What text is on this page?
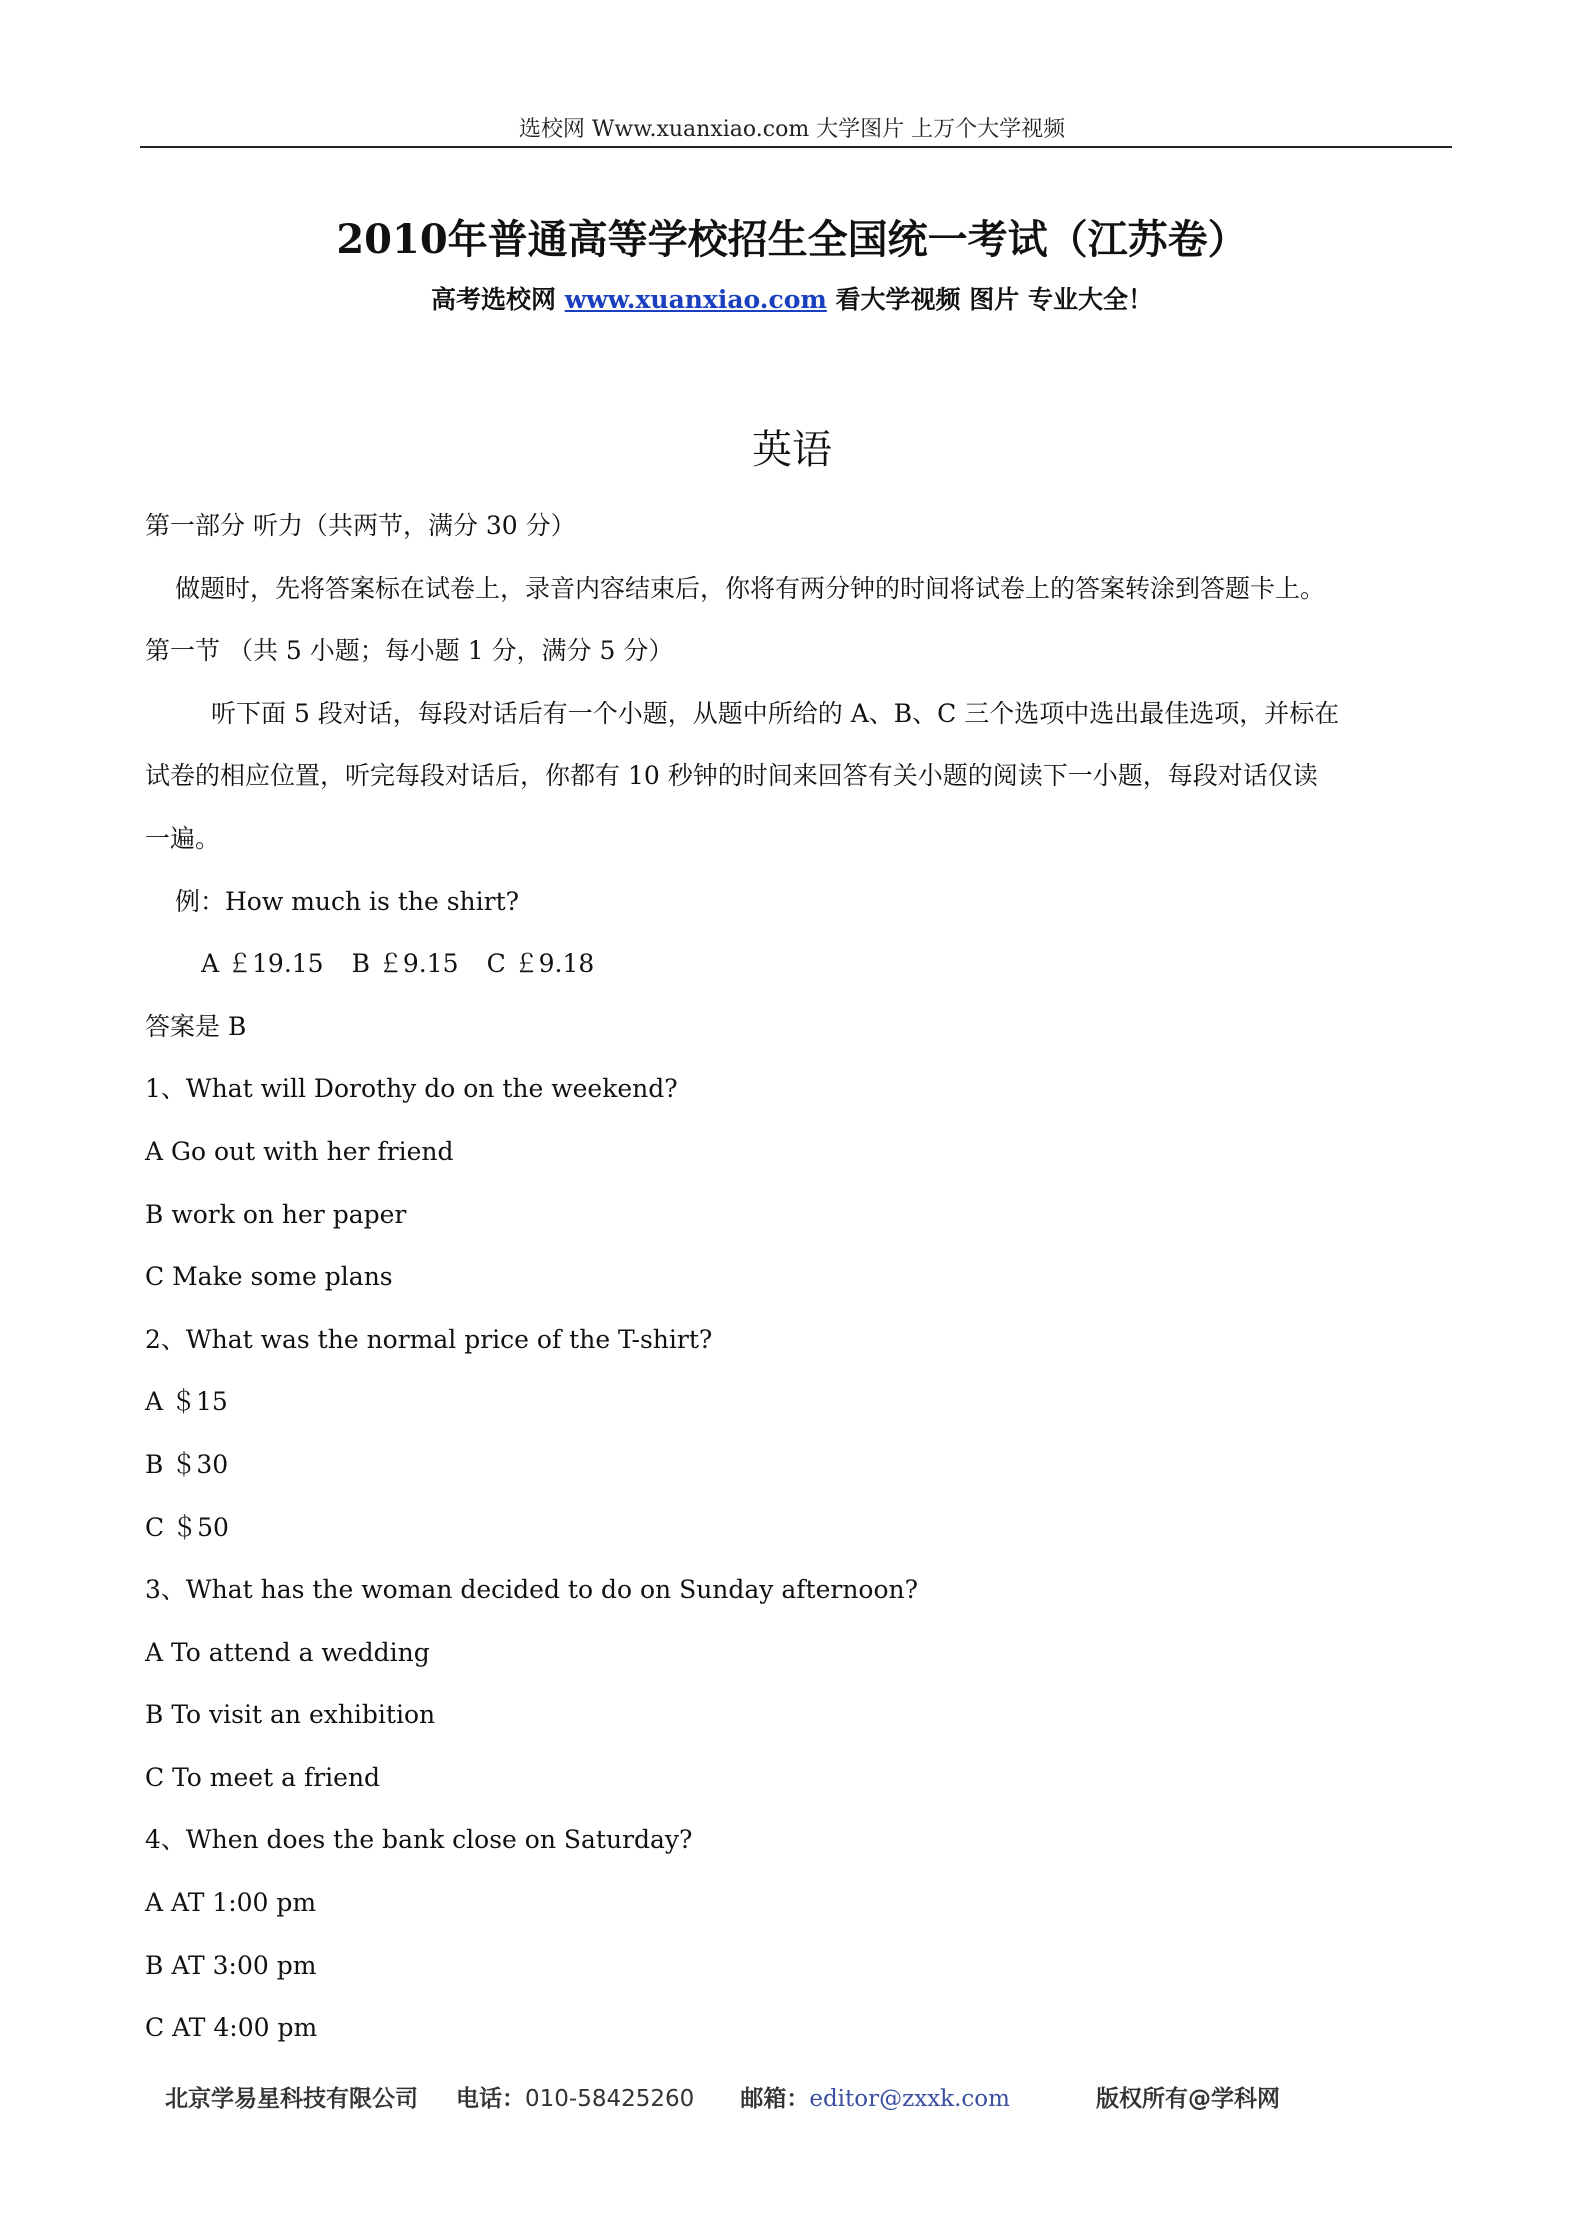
选校网 Www.xuanxiao.com 大学图片 上万个大学视频
2010年普通高等学校招生全国统一考试（江苏卷）
高考选校网 www.xuanxiao.com 看大学视频 图片 专业大全！
英语

第一部分 听力（共两节，满分 30 分）

做题时，先将答案标在试卷上，录音内容结束后，你将有两分钟的时间将试卷上的答案转涂到答题卡上。

第一节 （共 5 小题；每小题 1 分，满分 5 分）

听下面 5 段对话，每段对话后有一个小题，从题中所给的 A、B、C 三个选项中选出最佳选项，并标在

试卷的相应位置，听完每段对话后，你都有 10 秒钟的时间来回答有关小题的阅读下一小题，每段对话仅读

一遍。

例：How much is the shirt?

A ￡19.15 B ￡9.15 C ￡9.18

答案是 B

1、What will Dorothy do on the weekend?

A Go out with her friend

B work on her paper

C Make some plans

2、What was the normal price of the T-shirt?

A ＄15

B ＄30

C ＄50

3、What has the woman decided to do on Sunday afternoon?

A To attend a wedding

B To visit an exhibition

C To meet a friend

4、When does the bank close on Saturday?

A AT 1:00 pm

B AT 3:00 pm

C AT 4:00 pm

北京学易星科技有限公司 电话：010-58425260 邮箱：editor@zxxk.com	版权所有@学科网
